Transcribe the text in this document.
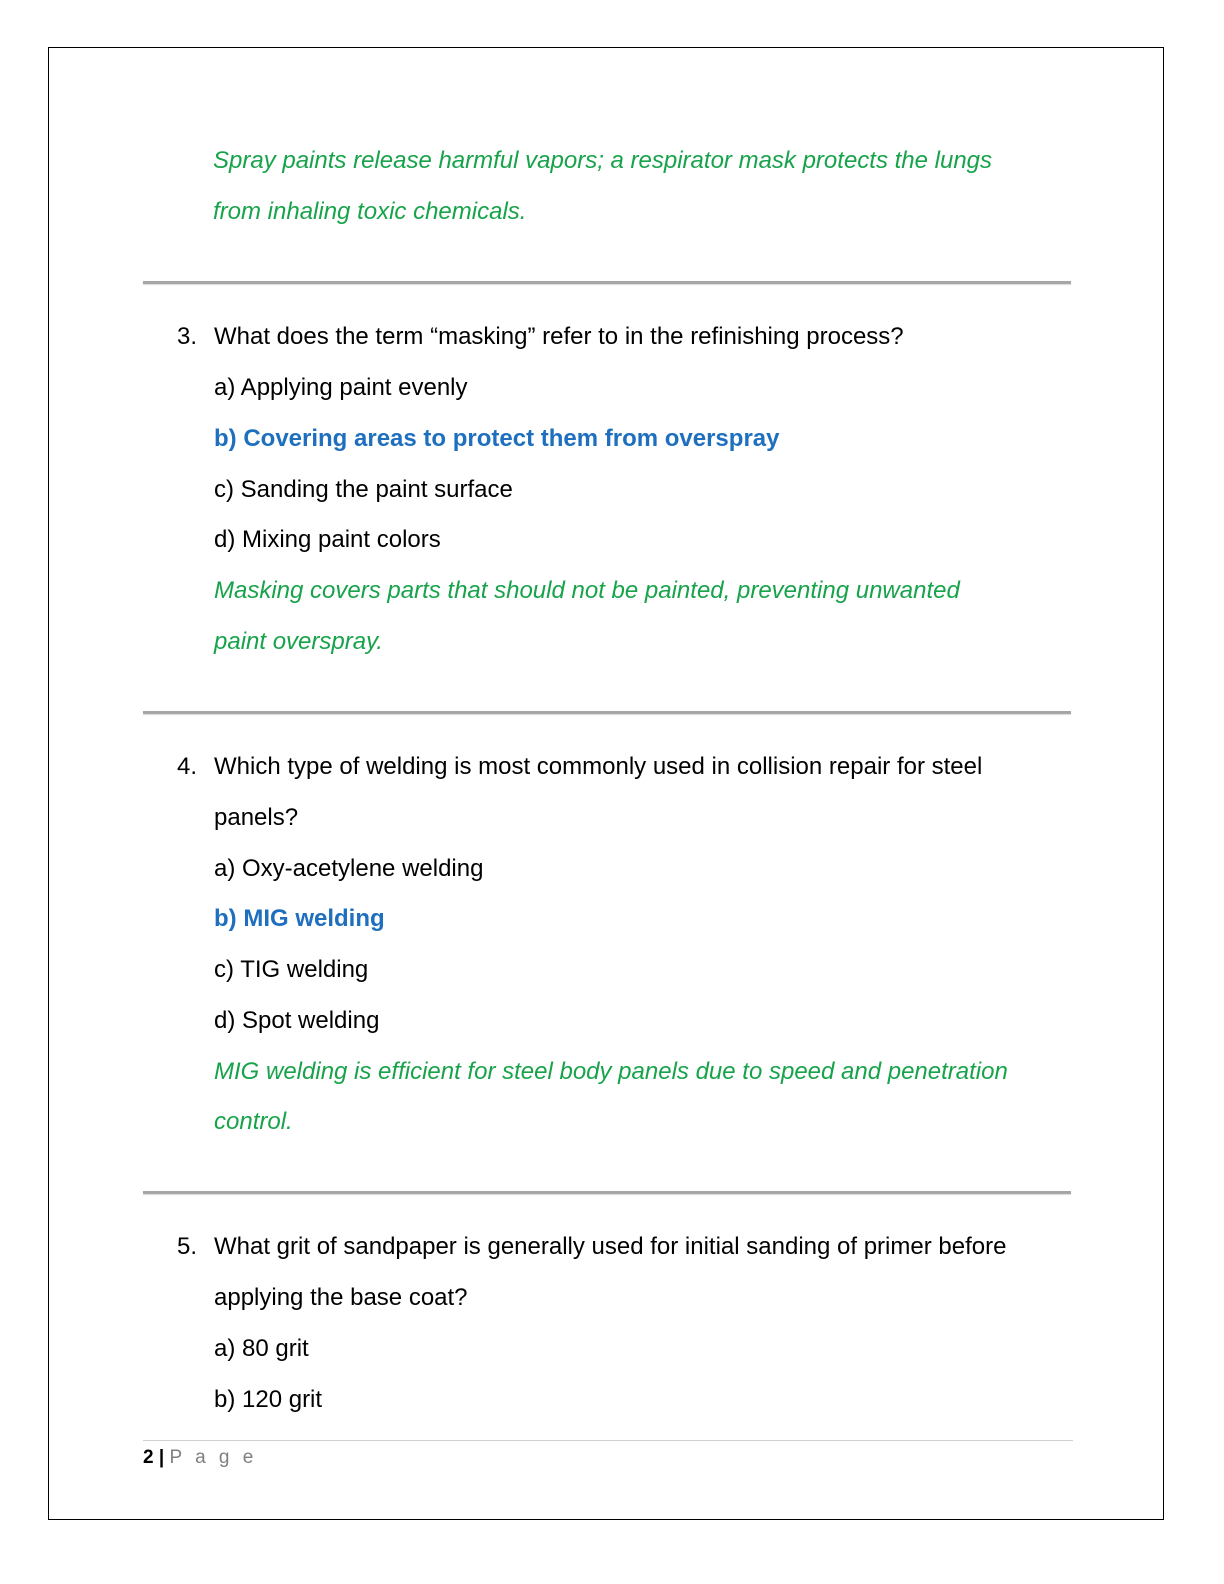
Spray paints release harmful vapors; a respirator mask protects the lungs
from inhaling toxic chemicals.
3. What does the term “masking” refer to in the refinishing process?
a) Applying paint evenly
b) Covering areas to protect them from overspray
c) Sanding the paint surface
d) Mixing paint colors
Masking covers parts that should not be painted, preventing unwanted
paint overspray.
4. Which type of welding is most commonly used in collision repair for steel
panels?
a) Oxy-acetylene welding
b) MIG welding
c) TIG welding
d) Spot welding
MIG welding is efficient for steel body panels due to speed and penetration
control.
5. What grit of sandpaper is generally used for initial sanding of primer before
applying the base coat?
a) 80 grit
b) 120 grit
2 | P a g e
